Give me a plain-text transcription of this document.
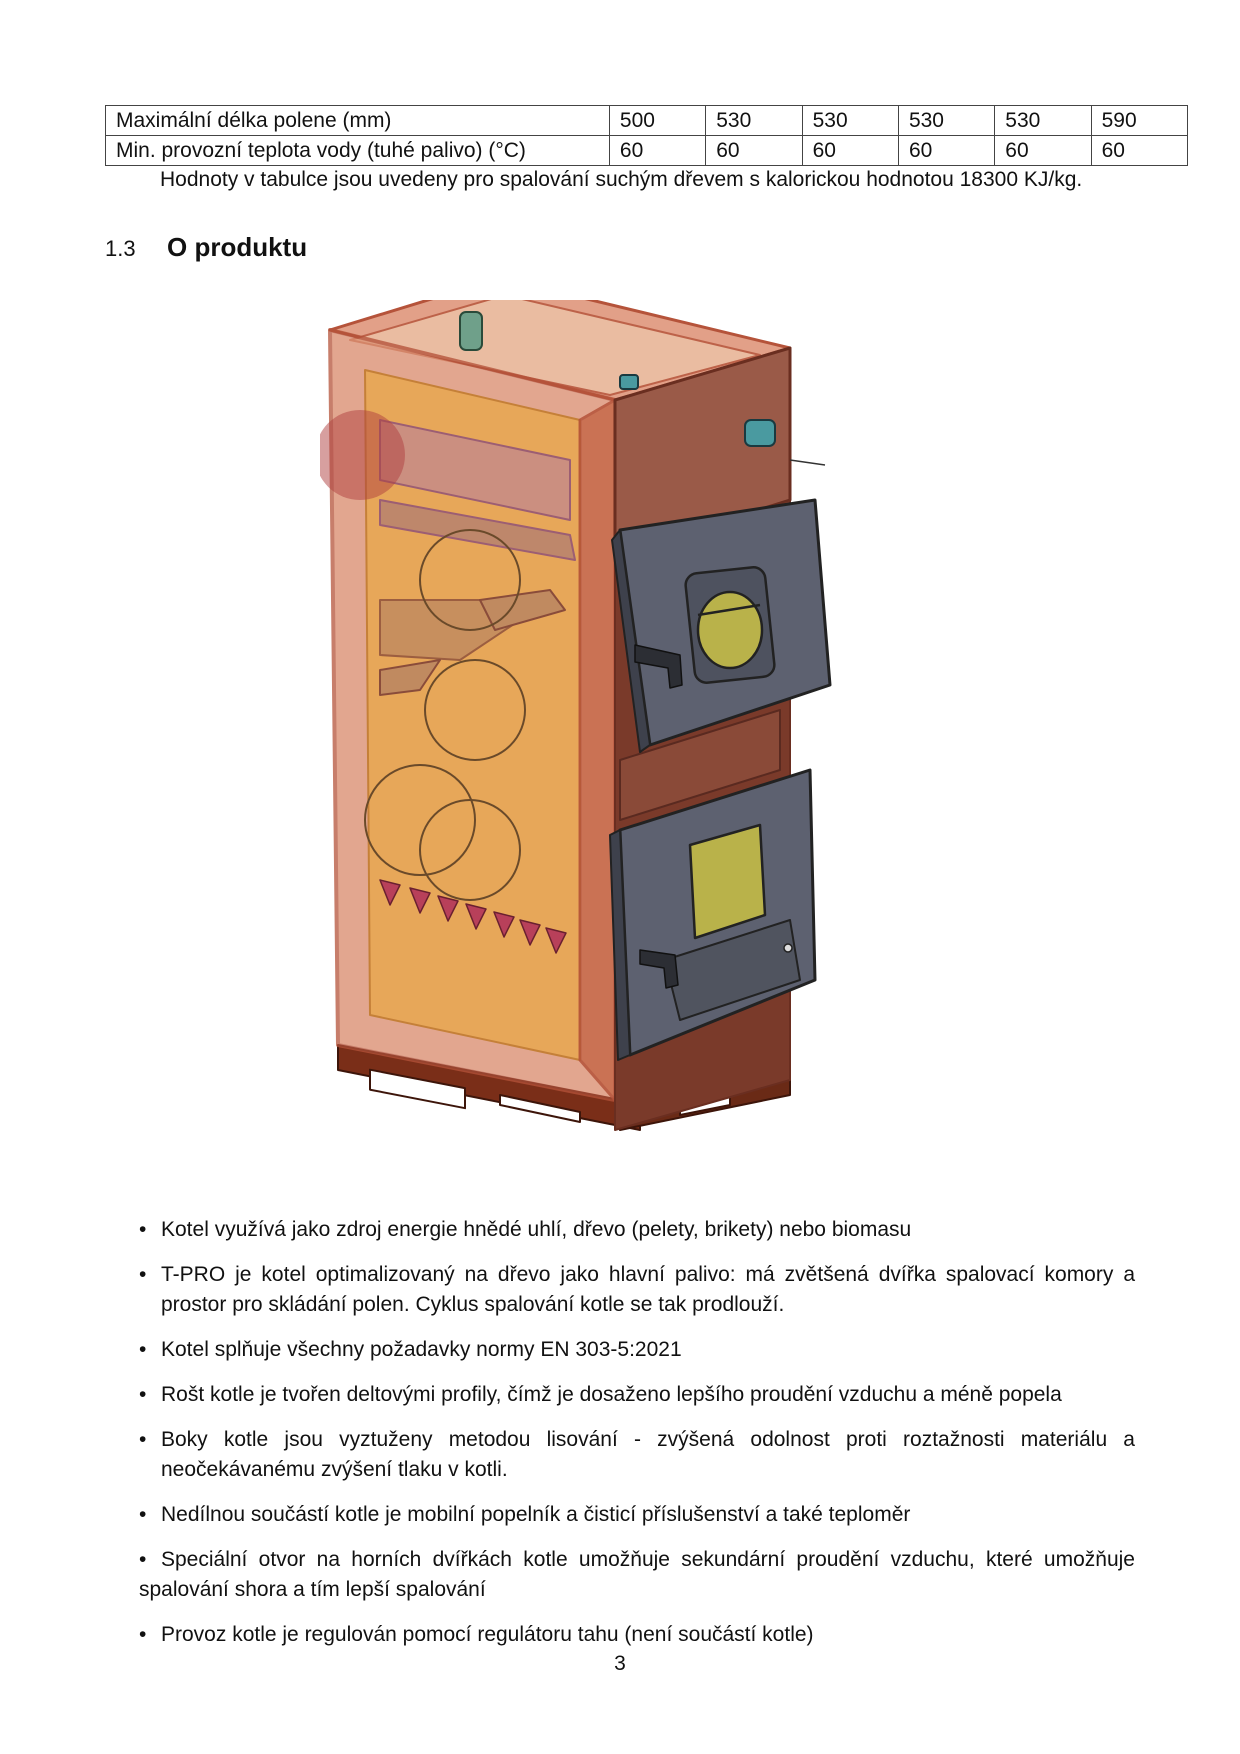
Maximální délka polene (mm)	500	530	530	530	530	590
Min. provozní teplota vody (tuhé palivo) (°C)	60	60	60	60	60	60
Hodnoty v tabulce jsou uvedeny pro spalování suchým dřevem s kalorickou hodnotou 18300 KJ/kg.
1.3	O produktu
• Kotel využívá jako zdroj energie hnědé uhlí, dřevo (pelety, brikety) nebo biomasu
• T-PRO je kotel optimalizovaný na dřevo jako hlavní palivo: má zvětšená dvířka spalovací komory a prostor pro skládání polen. Cyklus spalování kotle se tak prodlouží.
• Kotel splňuje všechny požadavky normy EN 303-5:2021
• Rošt kotle je tvořen deltovými profily, čímž je dosaženo lepšího proudění vzduchu a méně popela
• Boky kotle jsou vyztuženy metodou lisování - zvýšená odolnost proti roztažnosti materiálu a neočekávanému zvýšení tlaku v kotli.
• Nedílnou součástí kotle je mobilní popelník a čisticí příslušenství a také teploměr
• Speciální otvor na horních dvířkách kotle umožňuje sekundární proudění vzduchu, které umožňuje spalování shora a tím lepší spalování
• Provoz kotle je regulován pomocí regulátoru tahu (není součástí kotle)
3
